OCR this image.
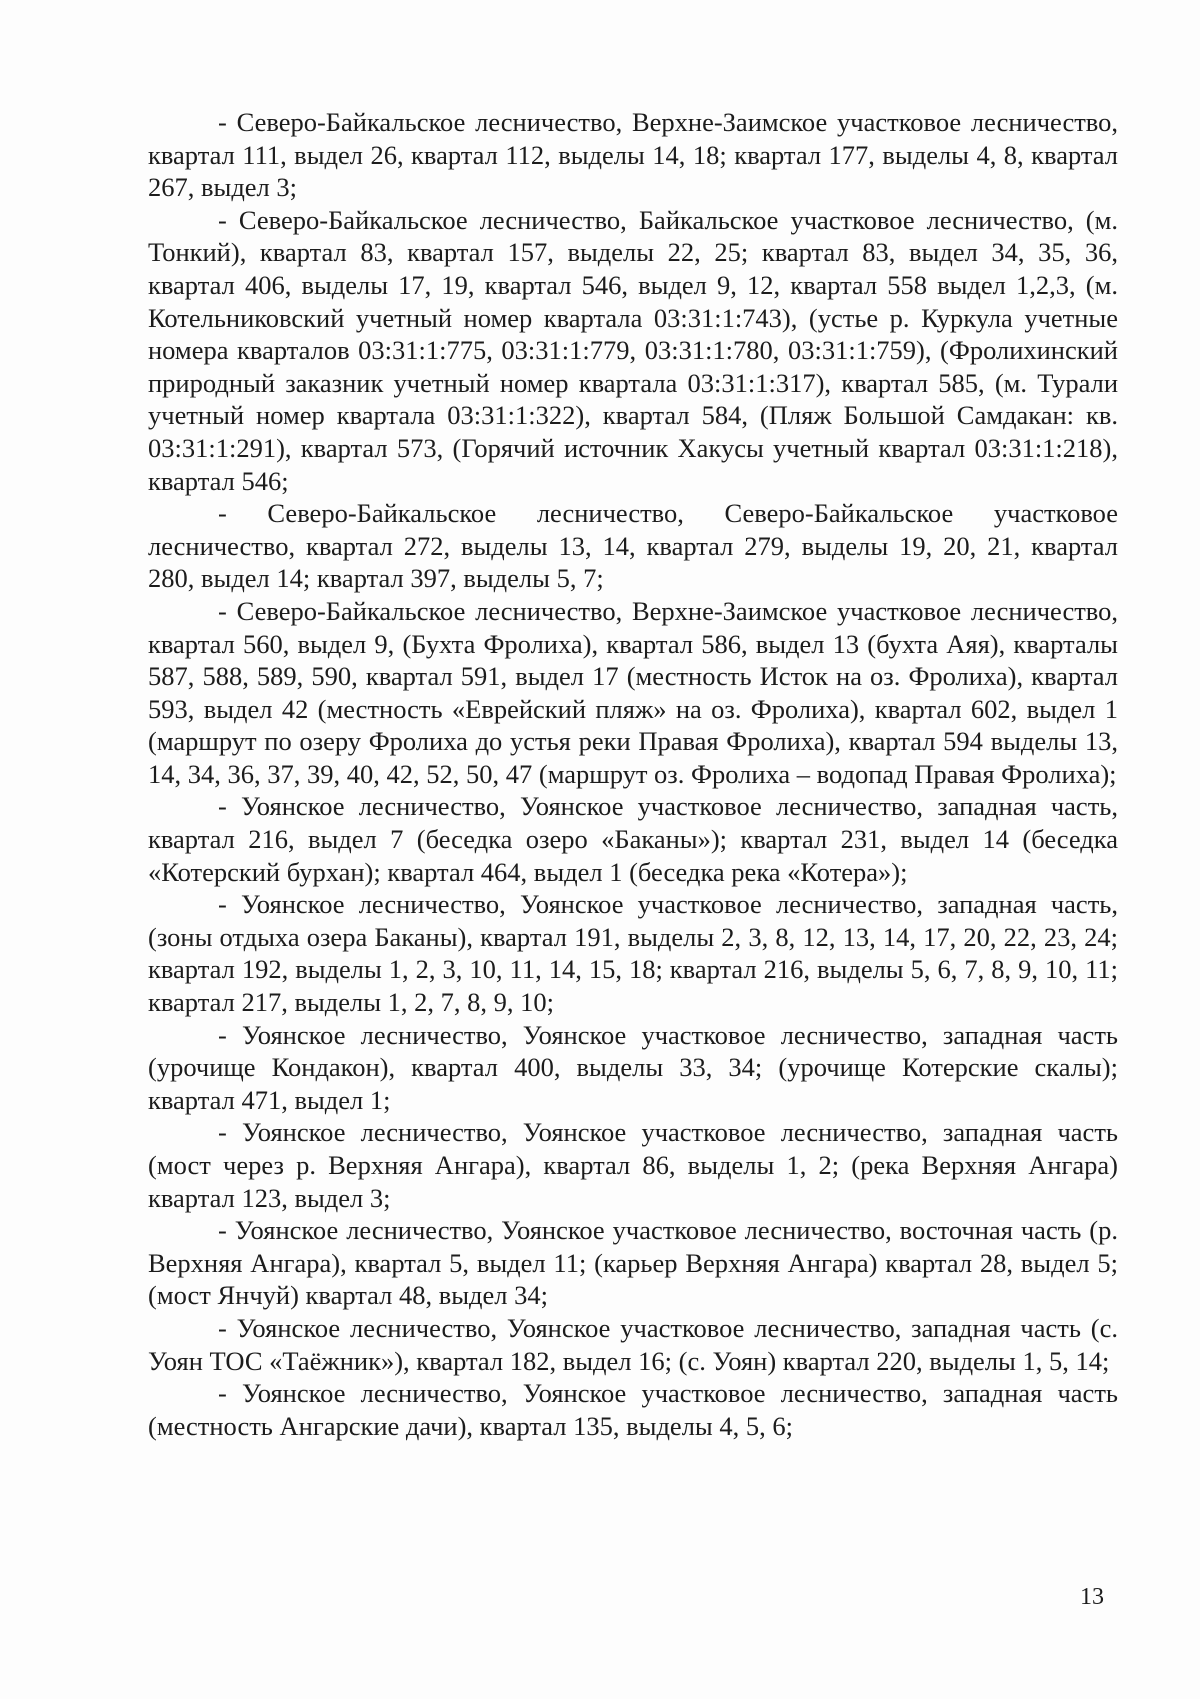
- Северо-Байкальское лесничество, Верхне-Заимское участковое лесничество, квартал 111, выдел 26, квартал 112, выделы 14, 18; квартал 177, выделы 4, 8, квартал 267, выдел 3;

- Северо-Байкальское лесничество, Байкальское участковое лесничество, (м. Тонкий), квартал 83, квартал 157, выделы 22, 25; квартал 83, выдел 34, 35, 36, квартал 406, выделы 17, 19, квартал 546, выдел 9, 12, квартал 558 выдел 1,2,3, (м. Котельниковский учетный номер квартала 03:31:1:743), (устье р. Куркула учетные номера кварталов 03:31:1:775, 03:31:1:779, 03:31:1:780, 03:31:1:759), (Фролихинский природный заказник учетный номер квартала 03:31:1:317), квартал 585, (м. Турали учетный номер квартала 03:31:1:322), квартал 584, (Пляж Большой Самдакан: кв. 03:31:1:291), квартал 573, (Горячий источник Хакусы учетный квартал 03:31:1:218), квартал 546;

- Северо-Байкальское лесничество, Северо-Байкальское участковое лесничество, квартал 272, выделы 13, 14, квартал 279, выделы 19, 20, 21, квартал 280, выдел 14; квартал 397, выделы 5, 7;

- Северо-Байкальское лесничество, Верхне-Заимское участковое лесничество, квартал 560, выдел 9, (Бухта Фролиха), квартал 586, выдел 13 (бухта Аяя), кварталы 587, 588, 589, 590, квартал 591, выдел 17 (местность Исток на оз. Фролиха), квартал 593, выдел 42 (местность «Еврейский пляж» на оз. Фролиха), квартал 602, выдел 1 (маршрут по озеру Фролиха до устья реки Правая Фролиха), квартал 594 выделы 13, 14, 34, 36, 37, 39, 40, 42, 52, 50, 47 (маршрут оз. Фролиха – водопад Правая Фролиха);

- Уоянское лесничество, Уоянское участковое лесничество, западная часть, квартал 216, выдел 7 (беседка озеро «Баканы»); квартал 231, выдел 14 (беседка «Котерский бурхан); квартал 464, выдел 1 (беседка река «Котера»);

- Уоянское лесничество, Уоянское участковое лесничество, западная часть, (зоны отдыха озера Баканы), квартал 191, выделы 2, 3, 8, 12, 13, 14, 17, 20, 22, 23, 24; квартал 192, выделы 1, 2, 3, 10, 11, 14, 15, 18; квартал 216, выделы 5, 6, 7, 8, 9, 10, 11; квартал 217, выделы 1, 2, 7, 8, 9, 10;

- Уоянское лесничество, Уоянское участковое лесничество, западная часть (урочище Кондакон), квартал 400, выделы 33, 34; (урочище Котерские скалы); квартал 471, выдел 1;

- Уоянское лесничество, Уоянское участковое лесничество, западная часть (мост через р. Верхняя Ангара), квартал 86, выделы 1, 2; (река Верхняя Ангара) квартал 123, выдел 3;

- Уоянское лесничество, Уоянское участковое лесничество, восточная часть (р. Верхняя Ангара), квартал 5, выдел 11; (карьер Верхняя Ангара) квартал 28, выдел 5; (мост Янчуй) квартал 48, выдел 34;

- Уоянское лесничество, Уоянское участковое лесничество, западная часть (с. Уоян ТОС «Таёжник»), квартал 182, выдел 16; (с. Уоян) квартал 220, выделы 1, 5, 14;

- Уоянское лесничество, Уоянское участковое лесничество, западная часть (местность Ангарские дачи), квартал 135, выделы 4, 5, 6;

13
